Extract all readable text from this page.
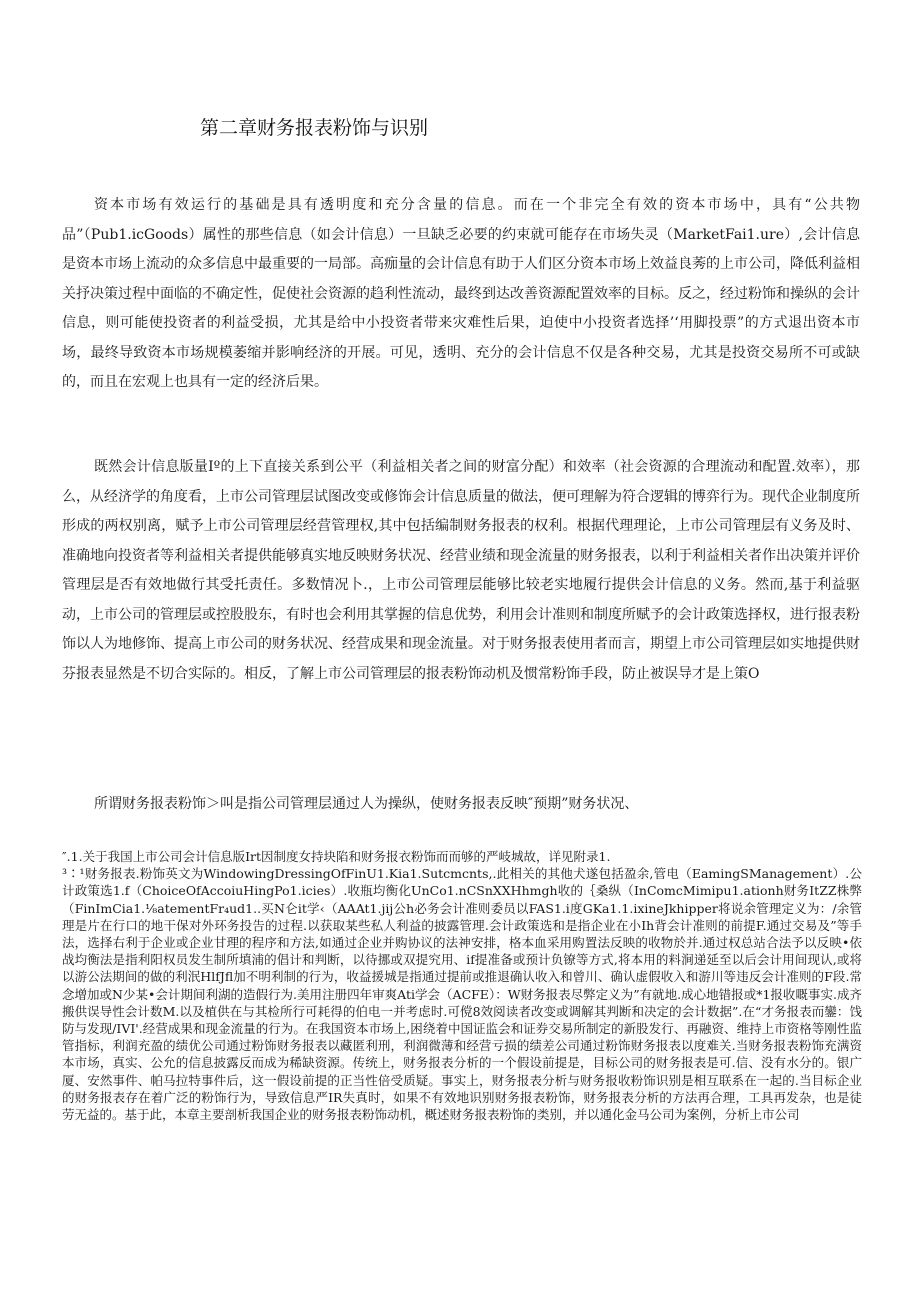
第二章财务报表粉饰与识别

资本市场有效运行的基础是具有透明度和充分含量的信息。而在一个非完全有效的资本市场中，具有“公共物品”（Pub1.icGoods）属性的那些信息（如会计信息）一旦缺乏必要的约束就可能存在市场失灵（MarketFai1.ure）,会计信息是资本市场上流动的众多信息中最重要的一局部。高痂量的会计信息有助于人们区分资本市场上效益良莠的上市公司，降低利益相关抒决策过程中面临的不确定性，促使社会资源的趋利性流动，最终到达改善资源配置效率的目标。反之，经过粉饰和操纵的会计信息，则可能使投资者的利益受损，尤其是给中小投资者带来灾难性后果，迫使中小投资者选择’‘用脚投票”的方式退出资本市场，最终导致资本市场规模萎缩并影响经济的开展。可见，透明、充分的会计信息不仅是各种交易，尤其是投资交易所不可或缺的，而且在宏观上也具有一定的经济后果。

既然会计信息版量Iº的上下直接关系到公平（利益相关者之间的财富分配）和效率（社会资源的合理流动和配置.效率），那么，从经济学的角度看，上市公司管理层试图改变或修饰会计信息质量的做法，便可理解为符合逻辑的博弈行为。现代企业制度所形成的两权别离，赋予上市公司管理层经营管理权,其中包括编制财务报表的权利。根据代理理论，上市公司管理层有义务及时、准确地向投资者等利益相关者提供能够真实地反映财务状况、经营业绩和现金流量的财务报表，以利于利益相关者作出决策并评价管理层是否有效地做行其受托责任。多数情况卜.，上市公司管理层能够比较老实地履行提供会计信息的义务。然而,基于利益驱动，上市公司的管理层或控股股东，有时也会利用其掌握的信息优势，利用会计准则和制度所赋予的会计政策选择权，进行报表粉饰以人为地修饰、提高上市公司的财务状况、经营成果和现金流量。对于财务报表使用者而言，期望上市公司管理层如实地提供财芬报表显然是不切合实际的。相反，了解上市公司管理层的报表粉饰动机及惯常粉饰手段，防止被误导才是上策O

所谓财务报表粉饰＞叫是指公司管理层通过人为操纵，使财务报表反映″预期”财务状况、

″.1.关于我国上市公司会计信息版Irt因制度女持块陷和财务报衣粉饰而而够的严岐城故，详见附录1.

³∶¹财务报表.粉饰英文为WindowingDressingOfFinU1.Kia1.Sutcmcnts,.此相关的其他犬遂包括盈余,管电（EamingSManagement）.公计政策选1.f（ChoiceOfAccoiuHingPo1.icies）.收瓶均衡化UnCo1.nCSnXXHhmgh收的｛桑纵（InComcMimipu1.ationh财务ItZZ株弊（FinImCia1.⅛atementFr₄ud1..买N仑it学‹（AAAt1.jij公h必务会计准则委员以FAS1.i度GKa1.1.ixineJkhipper将说余管理定义为：/余管理是片在行口的地干保对外环务投告的过程.以获取某些私人利益的披露管理.会计政策选和是指企业在小Ih背会计准则的前提F.通过交易及”等手法，选择右利于企业或企业甘理的程序和方法,如通过企业并购协议的法神安排，格本血采用购置法反映的收物於并.通过权总站合法予以反映•依战均衡法是指利阳权员发生制所填浦的倡计和判断，以待挪或双提究用、if提准备或预计负镣等方式,将本用的料涧递延至以后会计用间现认,或将以游公法期间的做的利泯HlfJfl加不明利制的行为，收益援城是指通过提前或推退确认收入和曾川、确认虚假收入和游川等违反会计准则的F段.常念增加或N少某•会计期间利湖的造假行为.美用注册四年审爽Ati学会（ACFE）：W财务报表尽弊定义为”有就地.成心地错报或*1报收嘅事实.成齐搬供误导性会计数M.以及植供在与其检所行可耗得的伯电一并考虑时.可傥8效阅读者改变或调解其判断和决定的会计数据”.在“才务报表而鑾：饯防与发现/IVI'.经营成果和现金流量的行为。在我国资本市场上,困绕着中国证监会和证券交易所制定的新股发行、再融资、维持上市资格等刚性监管指标，利润充盈的绩优公司通过粉饰财务报表以藏匿利刑，利润微薄和经营亏损的绩差公司通过粉饰财务报表以度难关.当财务报表粉饰充满资本市场，真实、公允的信息披露反而成为稀缺资源。传统上，财务报表分析的一个假设前提是，目标公司的财务报表是可.信、没有水分的。银广厦、安然事件、帕马拉特事件后，这一假设前提的正当性倍受质疑。事实上，财务报表分析与财务报收粉饰识别是相互联系在一起的.当目标企业的财务报表存在着广泛的粉饰行为，导致信息严IR失真时，如果不有效地识别财务报表粉饰，财务报表分析的方法再合理，工具再发杂，也是徒劳无益的。基于此，本章主要剖析我国企业的财务报表粉饰动机，概述财务报表粉饰的类别，并以通化金马公司为案例，分析上市公司
